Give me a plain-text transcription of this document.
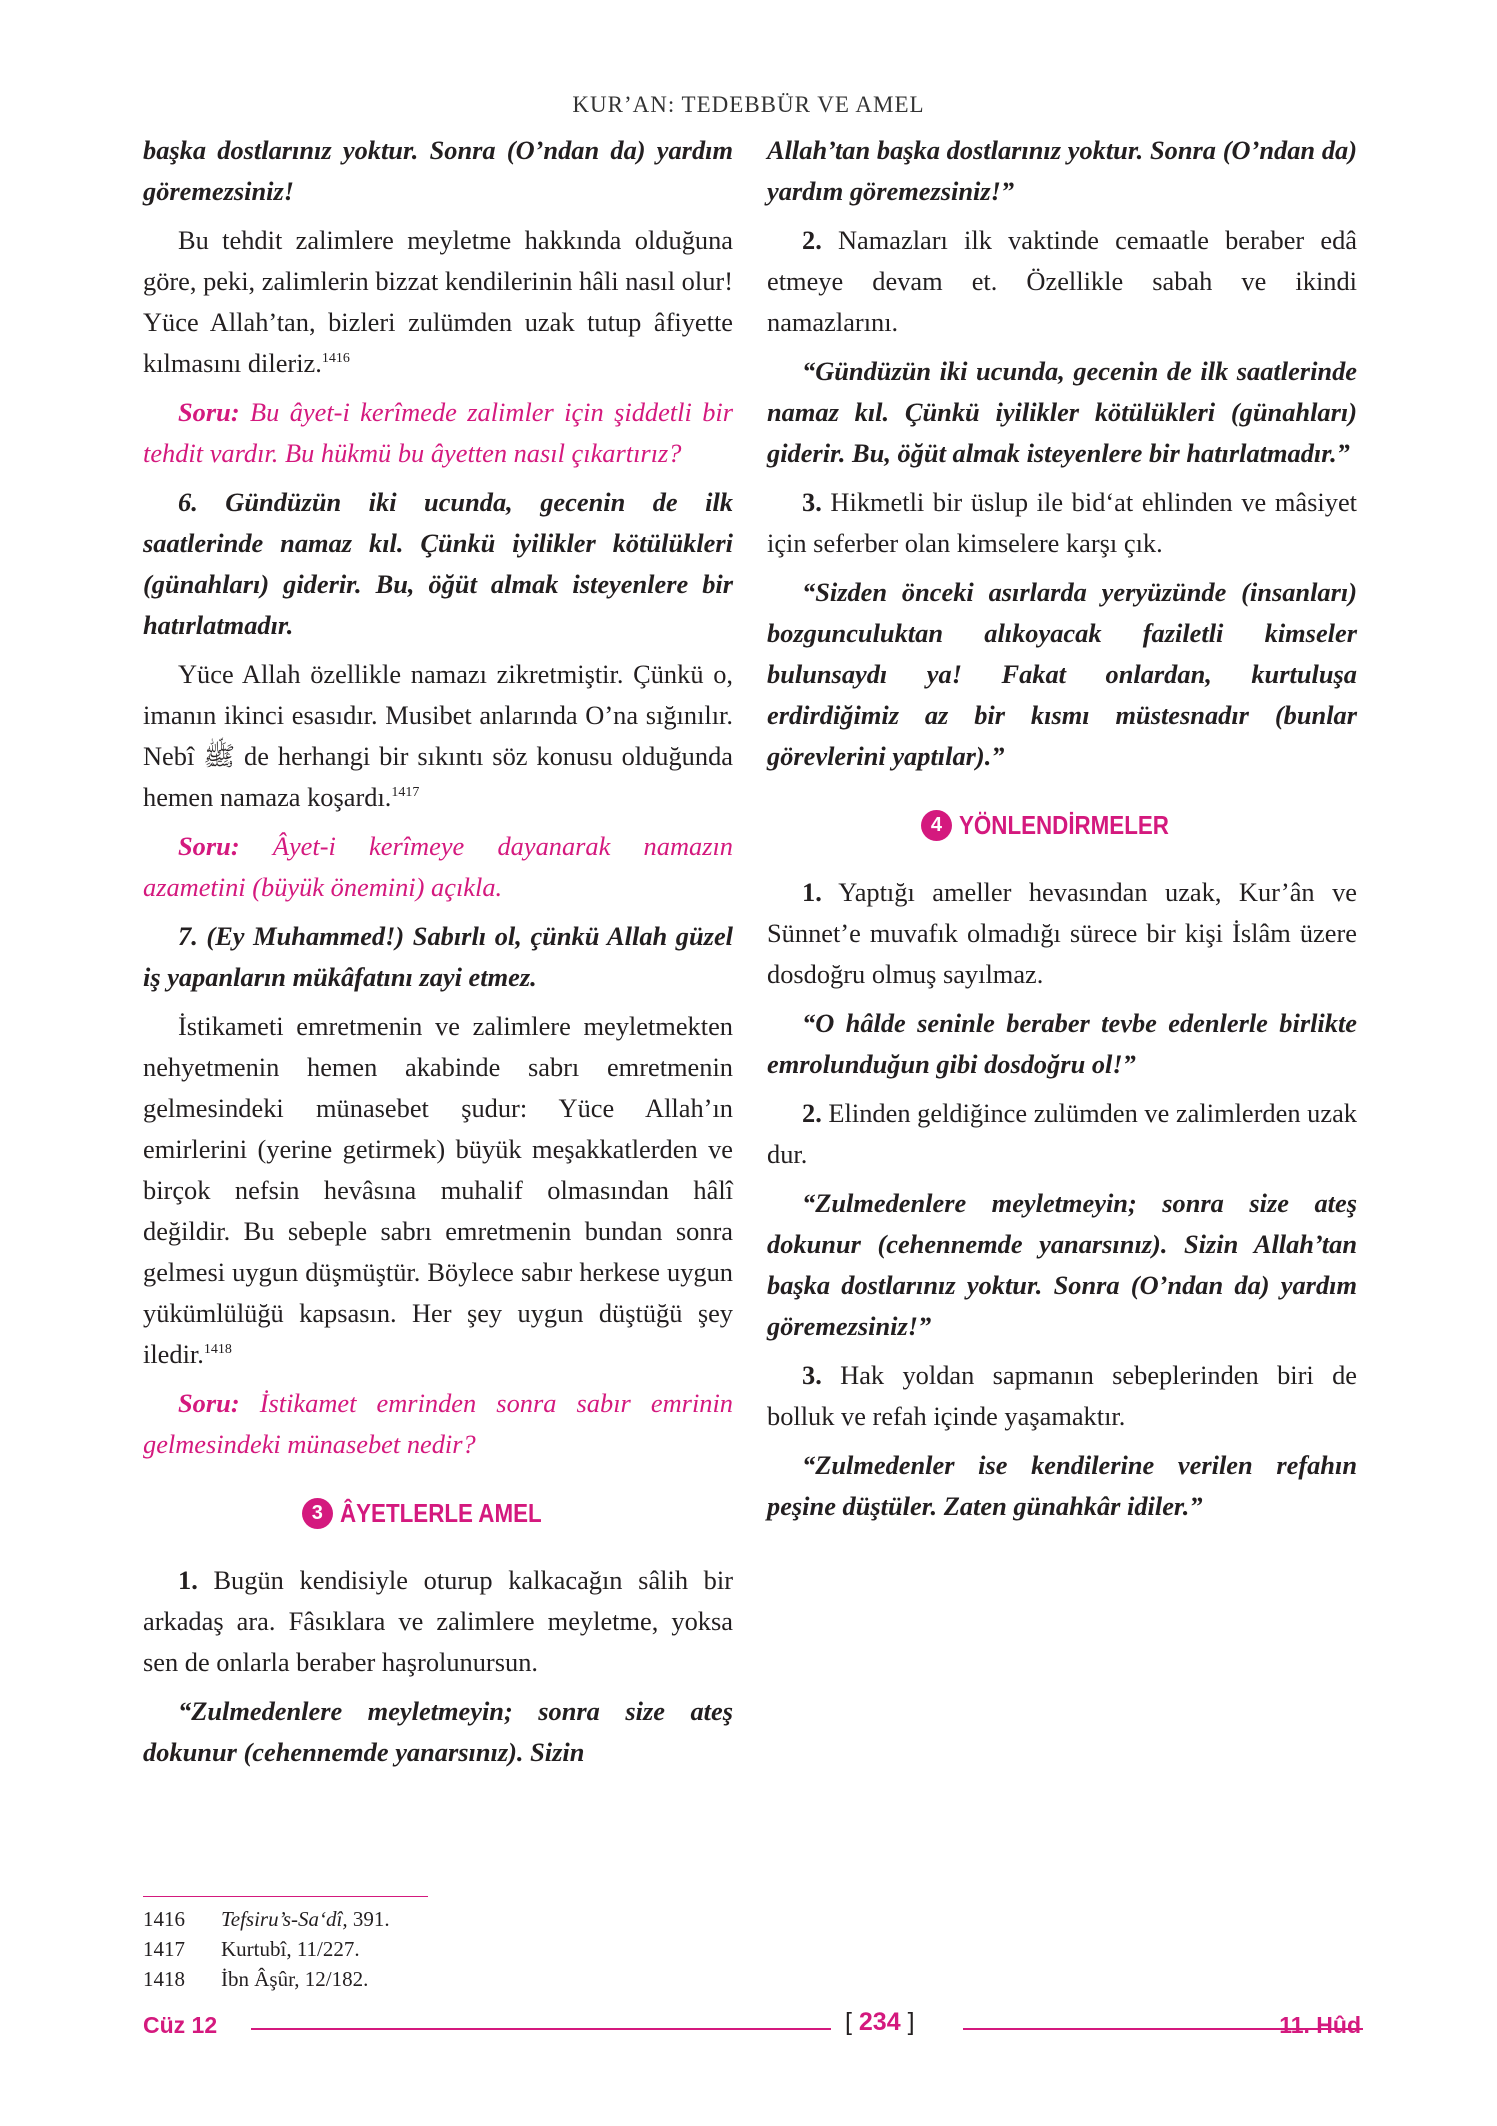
KUR’AN: TEDEBBÜR VE AMEL

başka dostlarınız yoktur. Sonra (O’ndan da) yardım göremezsiniz!

Bu tehdit zalimlere meyletme hakkında olduğuna göre, peki, zalimlerin bizzat kendilerinin hâli nasıl olur! Yüce Allah’tan, bizleri zulümden uzak tutup âfiyette kılmasını dileriz.$^{1416}$

Soru: Bu âyet-i kerîmede zalimler için şiddetli bir tehdit vardır. Bu hükmü bu âyetten nasıl çıkartırız?

6. Gündüzün iki ucunda, gecenin de ilk saatlerinde namaz kıl. Çünkü iyilikler kötülükleri (günahları) giderir. Bu, öğüt almak isteyenlere bir hatırlatmadır.

Yüce Allah özellikle namazı zikretmiştir. Çünkü o, imanın ikinci esasıdır. Musibet anlarında O’na sığınılır. Nebî ﷺ de herhangi bir sıkıntı söz konusu olduğunda hemen namaza koşardı.$^{1417}$

Soru: Âyet-i kerîmeye dayanarak namazın azametini (büyük önemini) açıkla.

7. (Ey Muhammed!) Sabırlı ol, çünkü Allah güzel iş yapanların mükâfatını zayi etmez.

İstikameti emretmenin ve zalimlere meyletmekten nehyetmenin hemen akabinde sabrı emretmenin gelmesindeki münasebet şudur: Yüce Allah’ın emirlerini (yerine getirmek) büyük meşakkatlerden ve birçok nefsin hevâsına muhalif olmasından hâlî değildir. Bu sebeple sabrı emretmenin bundan sonra gelmesi uygun düşmüştür. Böylece sabır herkese uygun yükümlülüğü kapsasın. Her şey uygun düştüğü şey iledir.$^{1418}$

Soru: İstikamet emrinden sonra sabır emrinin gelmesindeki münasebet nedir?

3 ÂYETLERLE AMEL

1. Bugün kendisiyle oturup kalkacağın sâlih bir arkadaş ara. Fâsıklara ve zalimlere meyletme, yoksa sen de onlarla beraber haşrolunursun.

“Zulmedenlere meyletmeyin; sonra size ateş dokunur (cehennemde yanarsınız). Sizin

Allah’tan başka dostlarınız yoktur. Sonra (O’ndan da) yardım göremezsiniz!”

2. Namazları ilk vaktinde cemaatle beraber edâ etmeye devam et. Özellikle sabah ve ikindi namazlarını.

“Gündüzün iki ucunda, gecenin de ilk saatlerinde namaz kıl. Çünkü iyilikler kötülükleri (günahları) giderir. Bu, öğüt almak isteyenlere bir hatırlatmadır.”

3. Hikmetli bir üslup ile bid‘at ehlinden ve mâsiyet için seferber olan kimselere karşı çık.

“Sizden önceki asırlarda yeryüzünde (insanları) bozgunculuktan alıkoyacak faziletli kimseler bulunsaydı ya! Fakat onlardan, kurtuluşa erdirdiğimiz az bir kısmı müstesnadır (bunlar görevlerini yaptılar).”

4 YÖNLENDİRMELER

1. Yaptığı ameller hevasından uzak, Kur’ân ve Sünnet’e muvafık olmadığı sürece bir kişi İslâm üzere dosdoğru olmuş sayılmaz.

“O hâlde seninle beraber tevbe edenlerle birlikte emrolunduğun gibi dosdoğru ol!”

2. Elinden geldiğince zulümden ve zalimlerden uzak dur.

“Zulmedenlere meyletmeyin; sonra size ateş dokunur (cehennemde yanarsınız). Sizin Allah’tan başka dostlarınız yoktur. Sonra (O’ndan da) yardım göremezsiniz!”

3. Hak yoldan sapmanın sebeplerinden biri de bolluk ve refah içinde yaşamaktır.

“Zulmedenler ise kendilerine verilen refahın peşine düştüler. Zaten günahkâr idiler.”

1416 Tefsiru’s-Sa‘dî, 391.
1417 Kurtubî, 11/227.
1418 İbn Âşûr, 12/182.
Cüz 12	[ 234 ]	11. Hûd
